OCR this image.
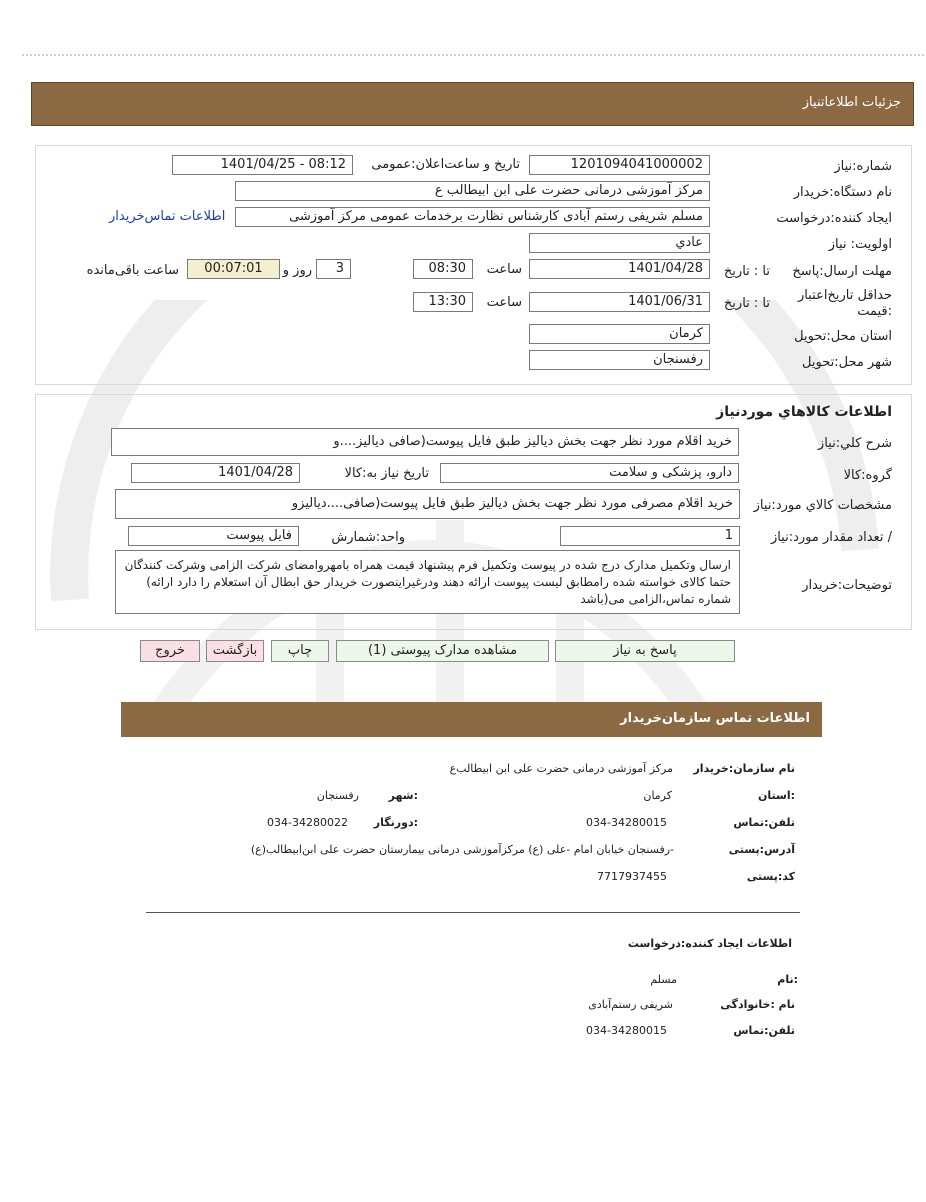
جزئیات اطلاعاتنیاز
شماره:نیاز
1201094041000002
تاریخ و ساعت‌اعلان:عمومی
1401/04/25 - 08:12
نام دستگاه:خریدار
مرکز آموزشی درمانی حضرت علی ابن ابیطالب ع
ایجاد کننده:درخواست
مسلم شریفی رستم آبادی کارشناس نظارت برخدمات عمومی مرکز آموزشی
اطلاعات تماس‌خریدار
اولویت: نیاز
عادي
مهلت ارسال:پاسخ
تا : تاریخ
1401/04/28
ساعت
08:30
3
روز و
00:07:01
ساعت باقی‌مانده
حداقل تاریخ‌اعتبار :قیمت
تا : تاریخ
1401/06/31
ساعت
13:30
استان محل:تحویل
کرمان
شهر محل:تحویل
رفسنجان
اطلاعات کالاهاي موردنياز
شرح کلي:نياز
خرید اقلام مورد نظر جهت بخش دیالیز طبق فایل پیوست(صافی دیالیز....و
گروه:کالا
دارو، پزشکی و سلامت
تاریخ نیاز به:کالا
1401/04/28
مشخصات کالاي مورد:نياز
خرید اقلام مصرفی مورد نظر جهت بخش دیالیز طبق فایل پیوست(صافی....دیالیزو
/ تعداد مقدار مورد:نياز
1
واحد:شمارش
فایل پیوست
توضیحات:خریدار
ارسال وتکمیل مدارک درج شده در پیوست وتکمیل فرم پیشنهاد قیمت همراه بامهروامضای شرکت الزامی وشرکت کنندگان حتما کالای خواسته شده رامطابق لیست پیوست ارائه دهند ودرغیراینصورت خریدار حق ابطال آن استعلام را دارد ارائه) شماره تماس،الزامی می(باشد
پاسخ به نیاز
مشاهده مدارک پیوستی (1)
چاپ
بازگشت
خروج
اطلاعات تماس سازمان‌خریدار
نام سازمان:خریدار
مرکز آموزشی درمانی حضرت علی ابن ابیطالب‌ع
:استان
کرمان
:شهر
رفسنجان
تلفن:تماس
034-34280015
:دورنگار
034-34280022
آدرس:پستی
-رفسنجان خیابان امام -علی (ع) مرکزآموزشی درمانی بیمارستان حضرت علی ابن‌ابیطالب(ع)
کد:پستی
7717937455
اطلاعات ایجاد کننده:درخواست
:نام
مسلم
نام :خانوادگی
شریفی رستم‌آبادی
تلفن:تماس
034-34280015
